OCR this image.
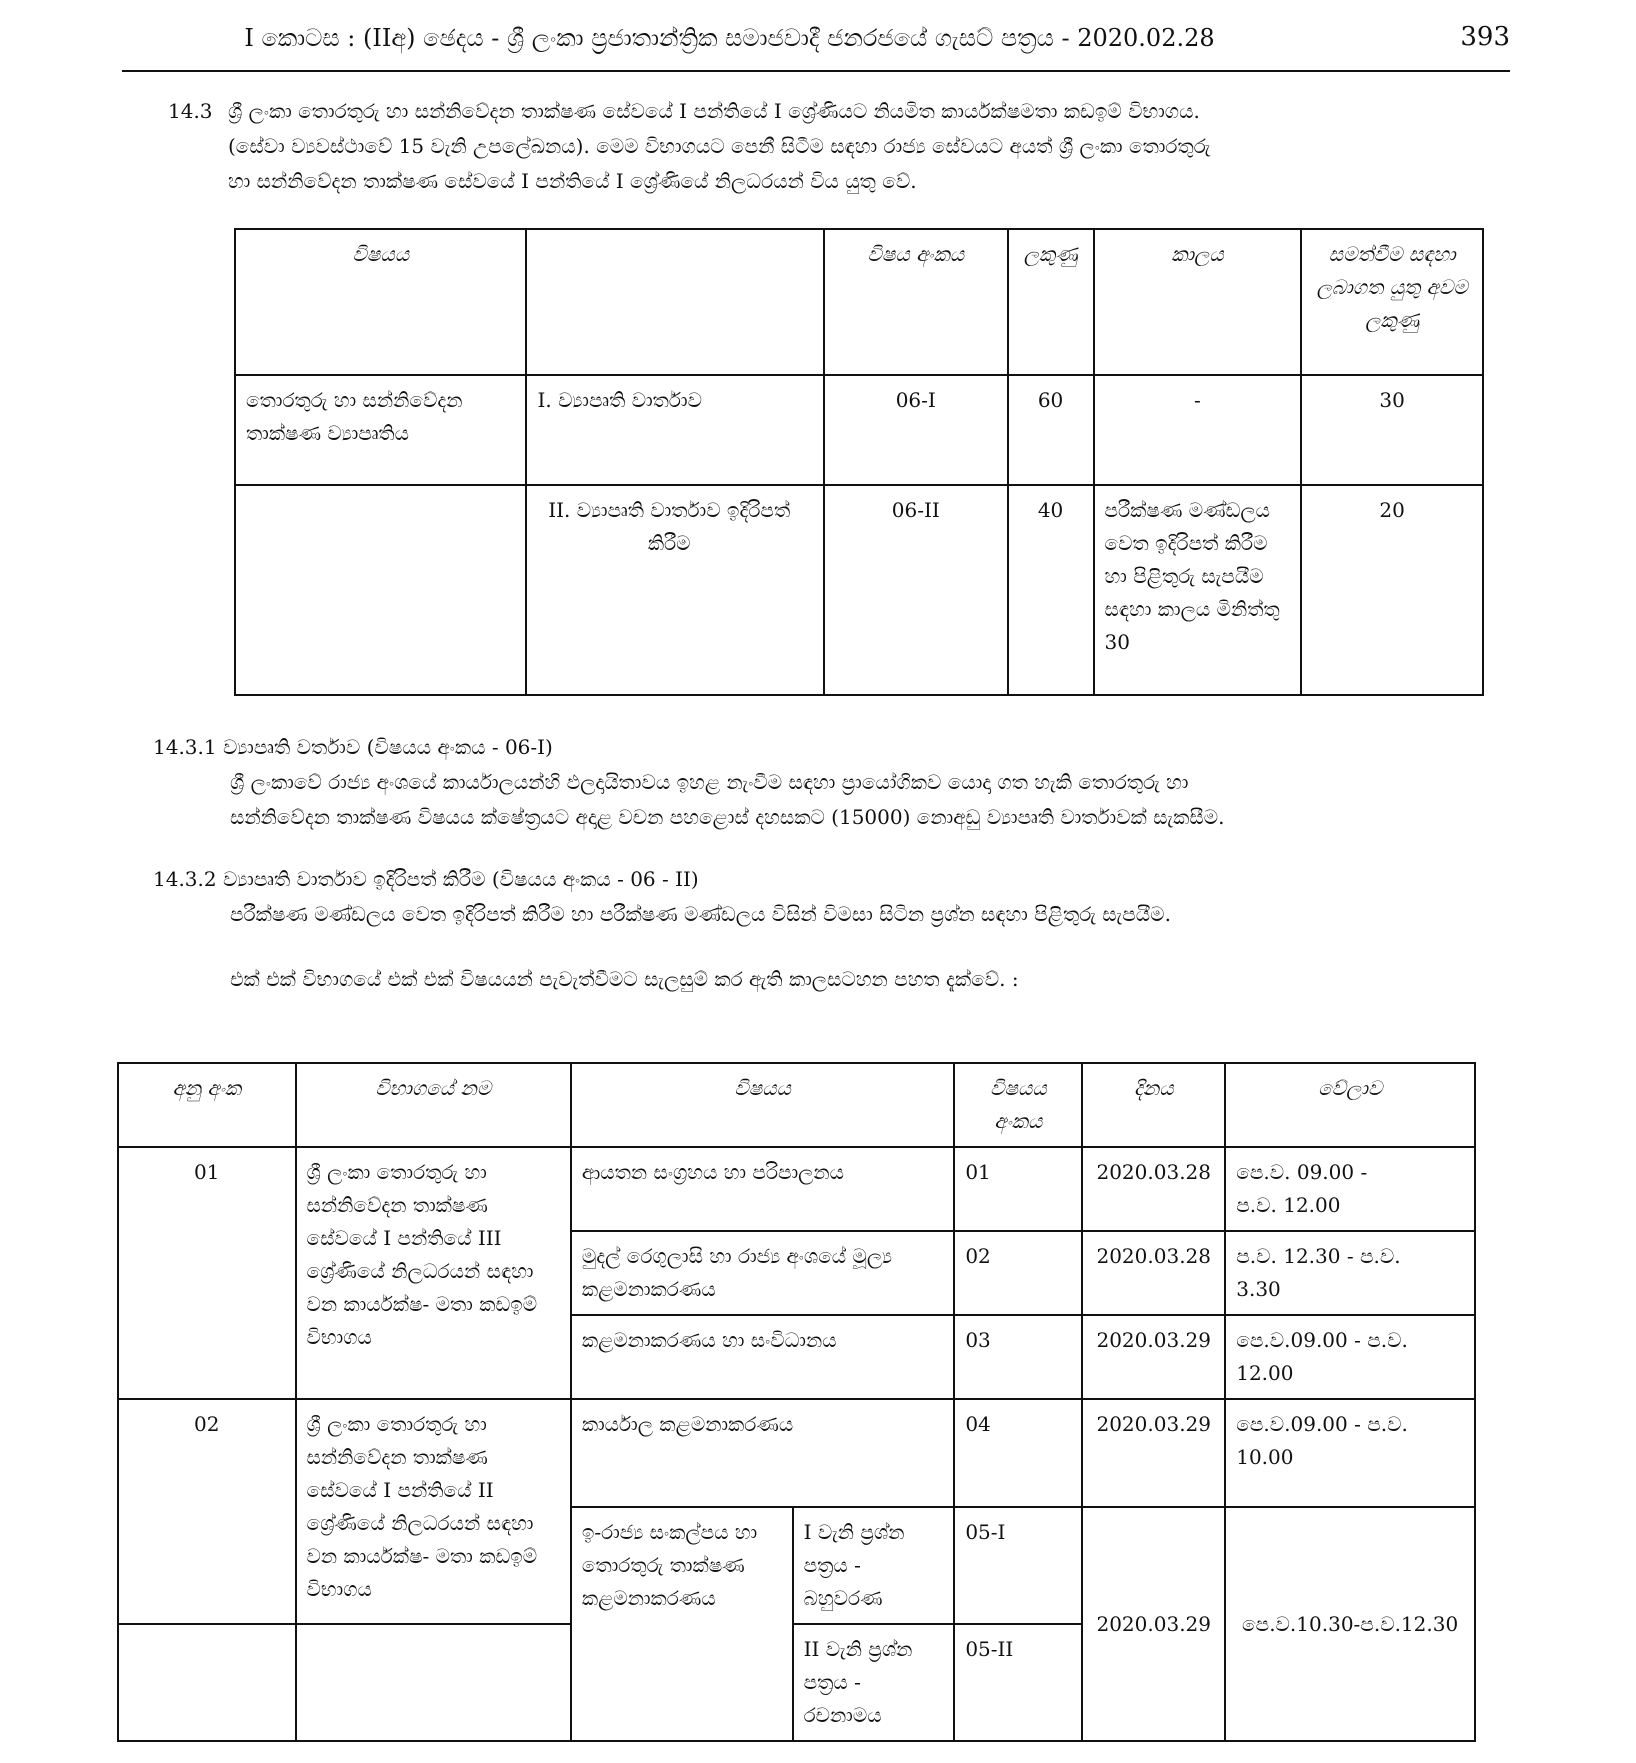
I කොටස : (IIඅ) ඡෙදය - ශ්‍රී ලංකා ප්‍රජාතාන්ත්‍රික සමාජවාදී ජනරජයේ ගැසට් පත්‍රය - 2020.02.28	393
14.3 ශ්‍රී ලංකා තොරතුරු හා සන්නිවේදන තාක්ෂණ සේවයේ I පන්තියේ I ශ්‍රේණියට නියමිත කාර්යක්ෂමතා කඩඉම් විභාගය.
(සේවා ව්‍යවස්ථාවේ 15 වැනි උපලේඛනය). මෙම විභාගයට පෙනී සිටීම සඳහා රාජ්‍ය සේවයට අයත් ශ්‍රී ලංකා තොරතුරු
හා සන්නිවේදන තාක්ෂණ සේවයේ I පන්තියේ I ශ්‍රේණියේ නිලධරයන් විය යුතු වේ.
විෂයය		විෂය අංකය	ලකුණු	කාලය	සමත්වීම සඳහා ලබාගත යුතු අවම ලකුණු
තොරතුරු හා සන්නිවේදන තාක්ෂණ ව්‍යාපෘතිය	I. ව්‍යාපෘති වාර්තාව	06-I	60	-	30
	II. ව්‍යාපෘති වාර්තාව ඉදිරිපත් කිරීම	06-II	40	පරීක්ෂණ මණ්ඩලය වෙත ඉදිරිපත් කිරීම හා පිළිතුරු සැපයීම සඳහා කාලය මිනිත්තු 30	20
14.3.1 ව්‍යාපෘති වර්තාව (විෂයය අංකය - 06-I)
ශ්‍රී ලංකාවේ රාජ්‍ය අංශයේ කාර්යාලයන්හි ඵලදායිතාවය ඉහළ නැංවීම සඳහා ප්‍රායෝගිකව යොදා ගත හැකි තොරතුරු හා
සන්නිවේදන තාක්ෂණ විෂයය ක්ෂේත්‍රයට අදාළ වචන පහළොස් දහසකට (15000) නොඅඩු ව්‍යාපෘති වාර්තාවක් සැකසීම.
14.3.2 ව්‍යාපෘති වාර්තාව ඉදිරිපත් කිරීම (විෂයය අංකය - 06 - II)
පරීක්ෂණ මණ්ඩලය වෙත ඉදිරිපත් කිරීම හා පරීක්ෂණ මණ්ඩලය විසින් විමසා සිටින ප්‍රශ්න සඳහා පිළිතුරු සැපයීම.
එක් එක් විභාගයේ එක් එක් විෂයයන් පැවැත්වීමට සැලසුම් කර ඇති කාලසටහන පහත දැක්වේ. :
අනු අංක	විභාගයේ නම	විෂයය		විෂයය අංකය	දිනය	වේලාව
01	ශ්‍රී ලංකා තොරතුරු හා සන්නිවේදන තාක්ෂණ සේවයේ I පන්තියේ III ශ්‍රේණියේ නිලධරයන් සඳහා වන කාර්යක්ෂ- මතා කඩඉම් විභාගය	ආයතන සංග්‍රහය හා පරිපාලනය		01	2020.03.28	පෙ.ව. 09.00 - ප.ව. 12.00
		මුදල් රෙගුලාසි හා රාජ්‍ය අංශයේ මූල්‍ය කළමනාකරණය		02	2020.03.28	ප.ව. 12.30 - ප.ව. 3.30
		කළමනාකරණය හා සංවිධානය		03	2020.03.29	පෙ.ව.09.00 - ප.ව. 12.00
02	ශ්‍රී ලංකා තොරතුරු හා සන්නිවේදන තාක්ෂණ සේවයේ I පන්තියේ II ශ්‍රේණියේ නිලධරයන් සඳහා වන කාර්යක්ෂ- මතා කඩඉම් විභාගය	කාර්යාල කළමනාකරණය		04	2020.03.29	පෙ.ව.09.00 - ප.ව. 10.00
		ඉ-රාජ්‍ය සංකල්පය හා තොරතුරු තාක්ෂණ කළමනාකරණය	I වැනි ප්‍රශ්න පත්‍රය - බහුවරණ	05-I	2020.03.29	පෙ.ව.10.30-ප.ව.12.30
			II වැනි ප්‍රශ්න පත්‍රය - රචනාමය	05-II		
